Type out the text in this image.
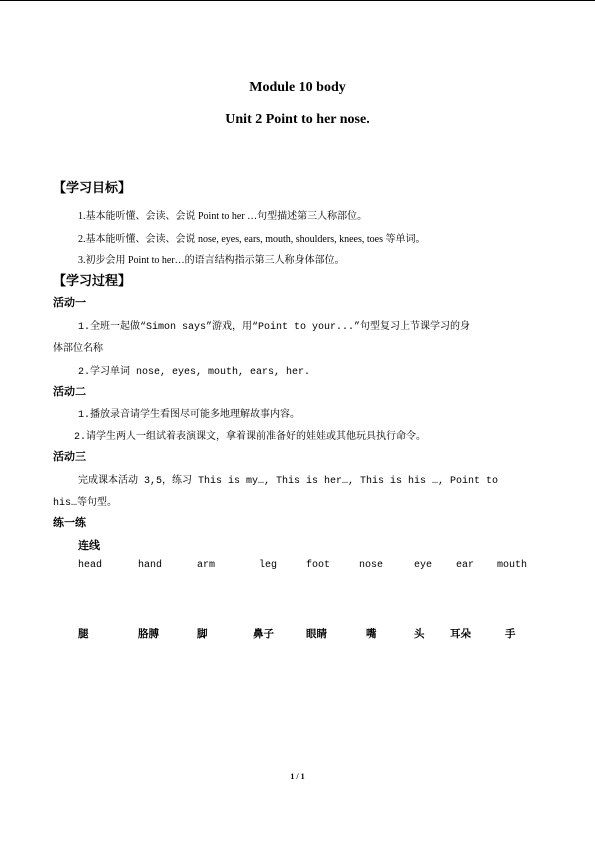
Module 10 body
Unit 2 Point to her nose.
【学习目标】
1.基本能听懂、会读、会说 Point to her …句型描述第三人称部位。
2.基本能听懂、会读、会说 nose, eyes, ears, mouth, shoulders, knees, toes 等单词。
3.初步会用 Point to her…的语言结构指示第三人称身体部位。
【学习过程】
活动一
1.全班一起做“Simon says”游戏，用“Point to your...”句型复习上节课学习的身
体部位名称
2.学习单词 nose, eyes, mouth, ears, her.
活动二
1.播放录音请学生看图尽可能多地理解故事内容。
2.请学生两人一组试着表演课文，拿着课前准备好的娃娃或其他玩具执行命令。
活动三
完成课本活动 3,5，练习 This is my…, This is her…, This is his …, Point to
his…等句型。
练一练
连线
head	hand	arm	leg	foot	nose	eye ear mouth
腿	胳膊	脚	鼻子	眼睛	嘴	头 耳朵	手
1 / 1
